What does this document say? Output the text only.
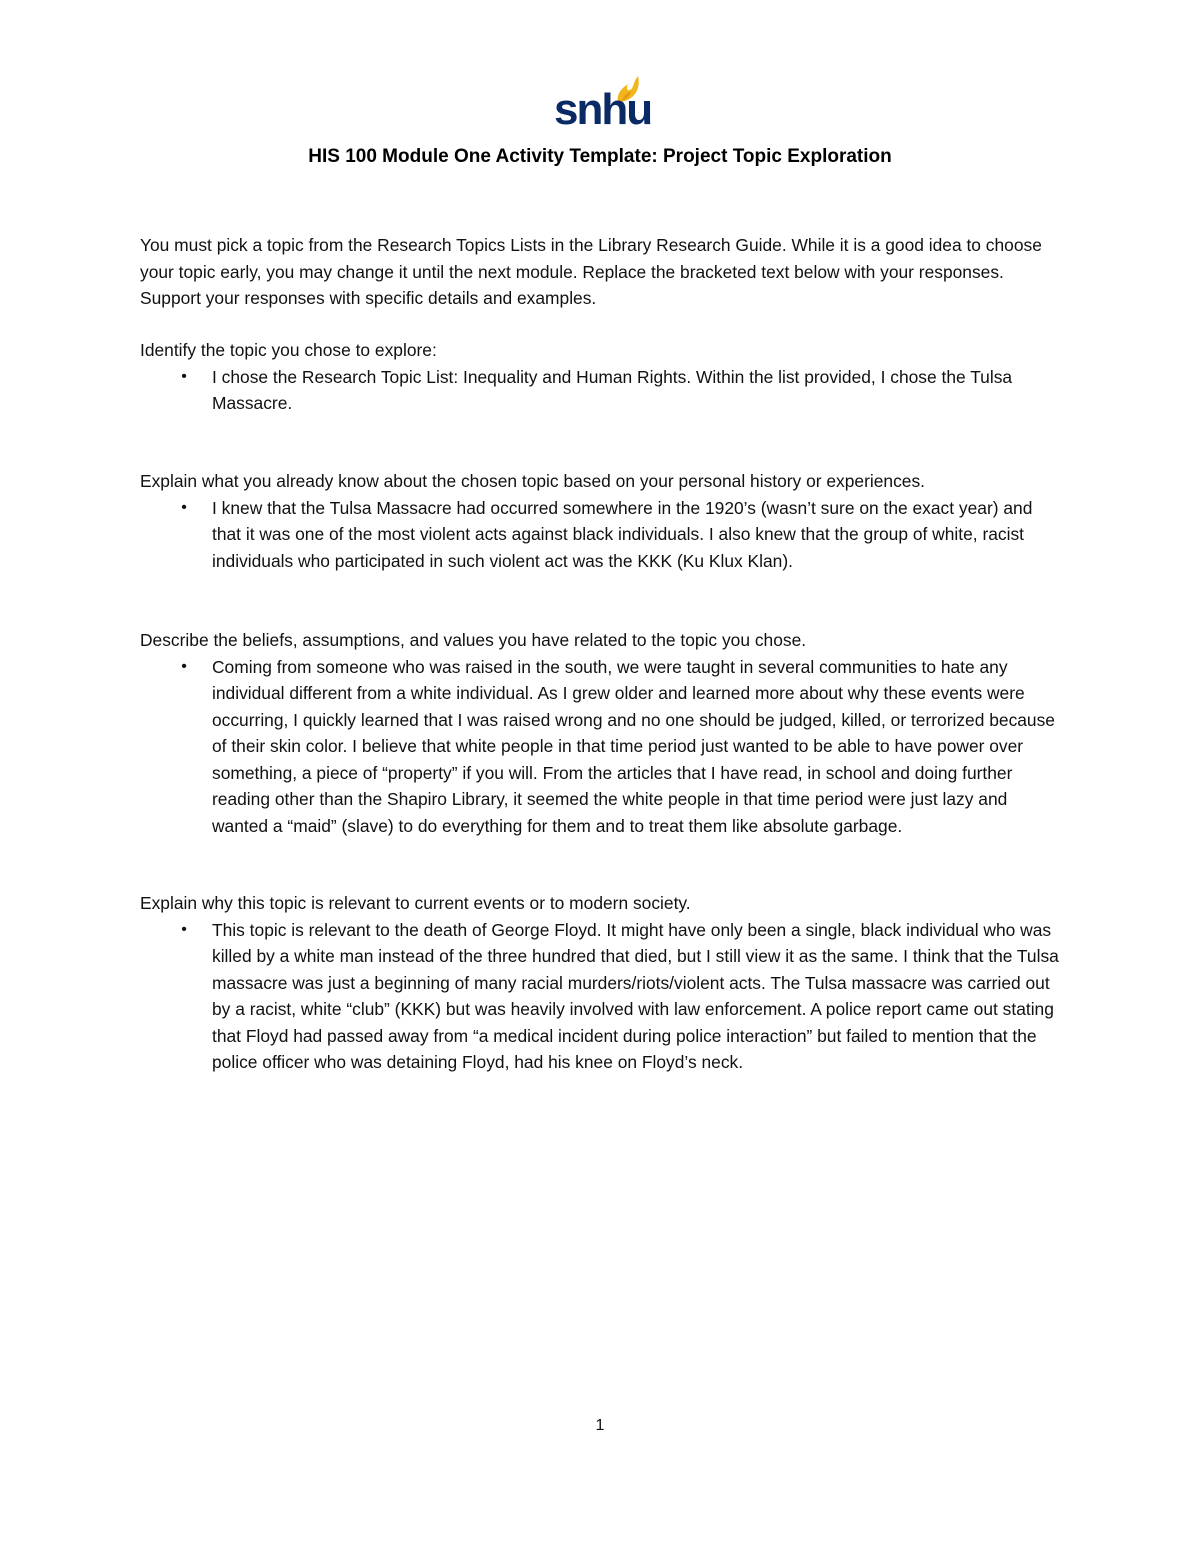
snhu
HIS 100 Module One Activity Template: Project Topic Exploration

You must pick a topic from the Research Topics Lists in the Library Research Guide. While it is a good idea to choose your topic early, you may change it until the next module. Replace the bracketed text below with your responses. Support your responses with specific details and examples.

Identify the topic you chose to explore:

•	I chose the Research Topic List: Inequality and Human Rights. Within the list provided, I chose the Tulsa Massacre.

Explain what you already know about the chosen topic based on your personal history or experiences.

•	I knew that the Tulsa Massacre had occurred somewhere in the 1920’s (wasn’t sure on the exact year) and that it was one of the most violent acts against black individuals. I also knew that the group of white, racist individuals who participated in such violent act was the KKK (Ku Klux Klan).

Describe the beliefs, assumptions, and values you have related to the topic you chose.

•	Coming from someone who was raised in the south, we were taught in several communities to hate any individual different from a white individual. As I grew older and learned more about why these events were occurring, I quickly learned that I was raised wrong and no one should be judged, killed, or terrorized because of their skin color. I believe that white people in that time period just wanted to be able to have power over something, a piece of “property” if you will. From the articles that I have read, in school and doing further reading other than the Shapiro Library, it seemed the white people in that time period were just lazy and wanted a “maid” (slave) to do everything for them and to treat them like absolute garbage.

Explain why this topic is relevant to current events or to modern society.

•	This topic is relevant to the death of George Floyd. It might have only been a single, black individual who was killed by a white man instead of the three hundred that died, but I still view it as the same. I think that the Tulsa massacre was just a beginning of many racial murders/riots/violent acts. The Tulsa massacre was carried out by a racist, white “club” (KKK) but was heavily involved with law enforcement. A police report came out stating that Floyd had passed away from “a medical incident during police interaction” but failed to mention that the police officer who was detaining Floyd, had his knee on Floyd’s neck.

1
